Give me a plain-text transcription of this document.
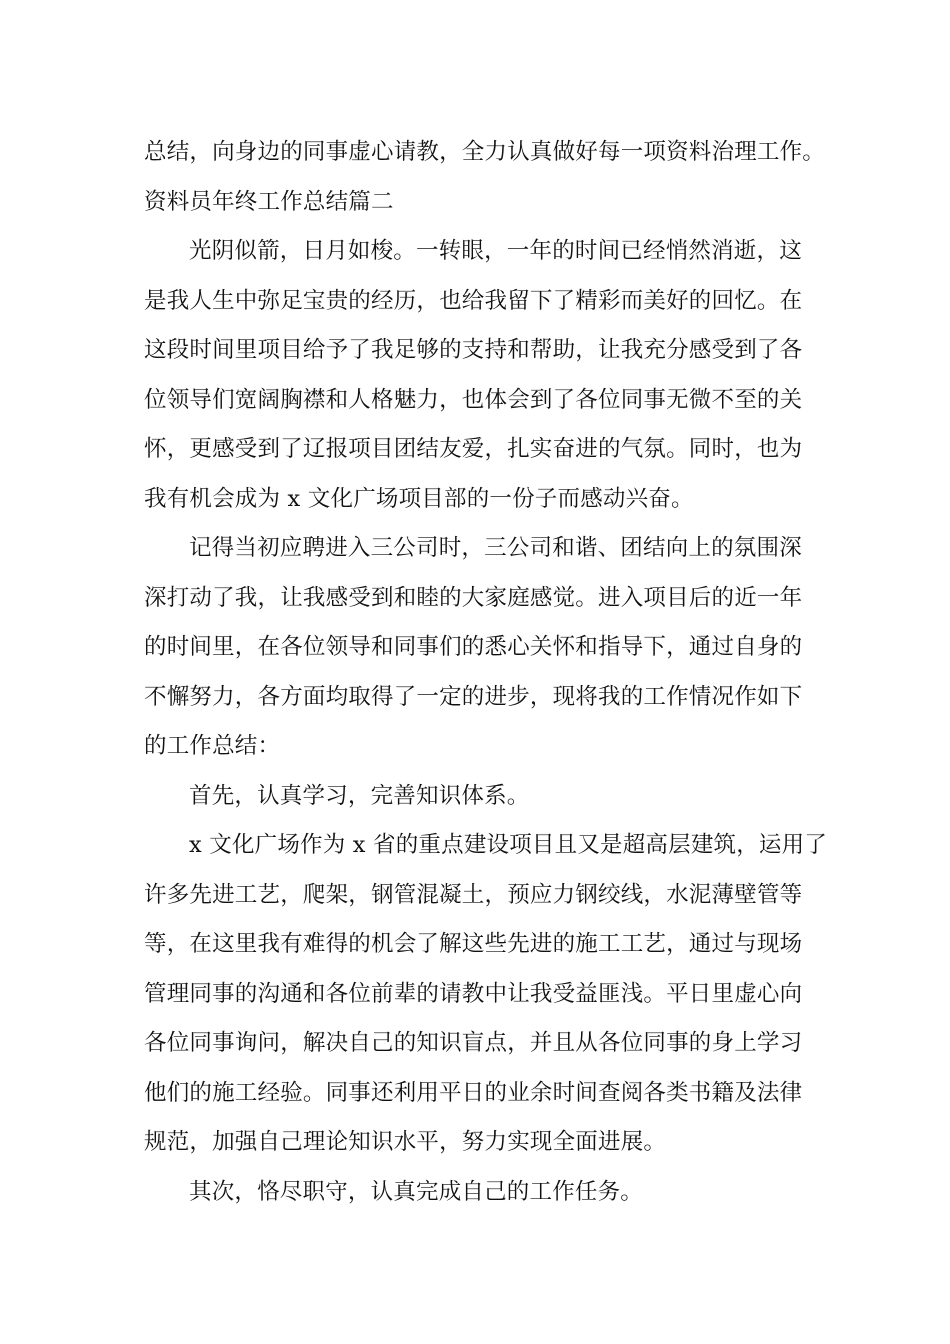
总结，向身边的同事虚心请教，全力认真做好每一项资料治理工作。
资料员年终工作总结篇二
光阴似箭，日月如梭。一转眼，一年的时间已经悄然消逝，这
是我人生中弥足宝贵的经历，也给我留下了精彩而美好的回忆。在
这段时间里项目给予了我足够的支持和帮助，让我充分感受到了各
位领导们宽阔胸襟和人格魅力，也体会到了各位同事无微不至的关
怀，更感受到了辽报项目团结友爱，扎实奋进的气氛。同时，也为
我有机会成为 x 文化广场项目部的一份子而感动兴奋。
记得当初应聘进入三公司时，三公司和谐、团结向上的氛围深
深打动了我，让我感受到和睦的大家庭感觉。进入项目后的近一年
的时间里，在各位领导和同事们的悉心关怀和指导下，通过自身的
不懈努力，各方面均取得了一定的进步，现将我的工作情况作如下
的工作总结：
首先，认真学习，完善知识体系。
x 文化广场作为 x 省的重点建设项目且又是超高层建筑，运用了
许多先进工艺，爬架，钢管混凝土，预应力钢绞线，水泥薄壁管等
等，在这里我有难得的机会了解这些先进的施工工艺，通过与现场
管理同事的沟通和各位前辈的请教中让我受益匪浅。平日里虚心向
各位同事询问，解决自己的知识盲点，并且从各位同事的身上学习
他们的施工经验。同事还利用平日的业余时间查阅各类书籍及法律
规范，加强自己理论知识水平，努力实现全面进展。
其次，恪尽职守，认真完成自己的工作任务。
